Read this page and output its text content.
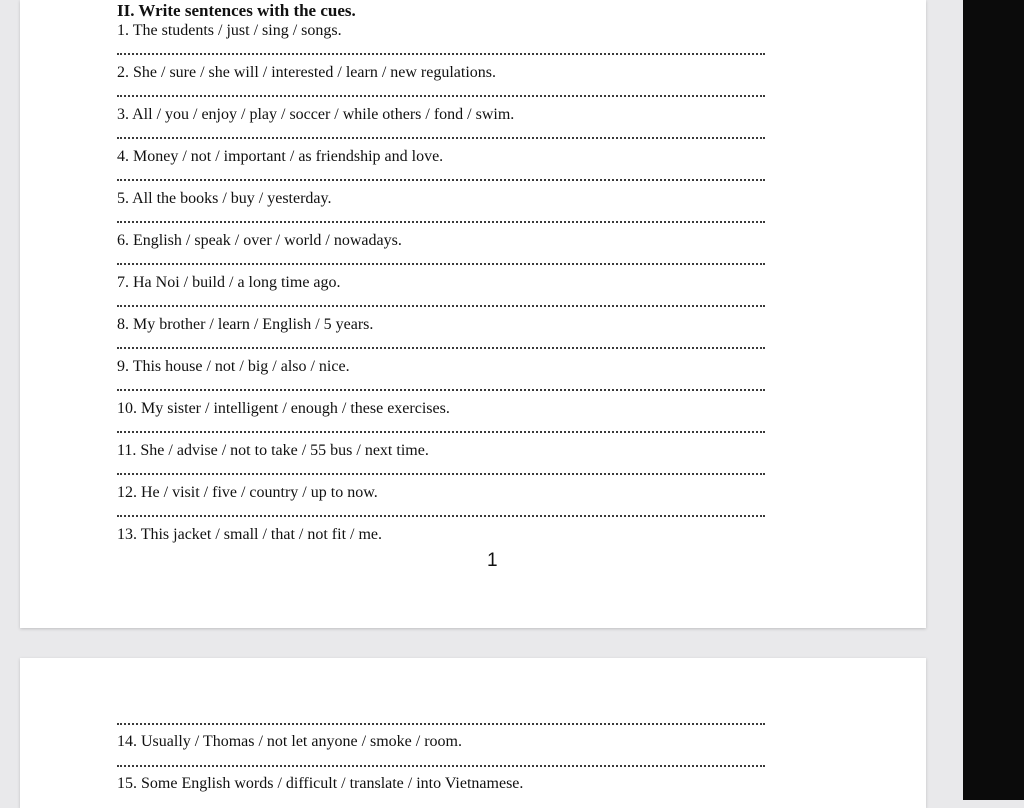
II. Write sentences with the cues.
1. The students / just / sing / songs.
2. She / sure / she will / interested / learn / new regulations.
3. All / you / enjoy / play / soccer / while others / fond / swim.
4. Money / not / important / as friendship and love.
5. All the books / buy / yesterday.
6. English / speak / over / world / nowadays.
7. Ha Noi / build / a long time ago.
8. My brother / learn / English / 5 years.
9. This house / not / big / also / nice.
10. My sister / intelligent / enough / these exercises.
11. She / advise / not to take / 55 bus / next time.
12. He / visit / five / country / up to now.
13. This jacket / small / that / not fit / me.
1
14. Usually / Thomas / not let anyone / smoke / room.
15. Some English words / difficult / translate / into Vietnamese.
